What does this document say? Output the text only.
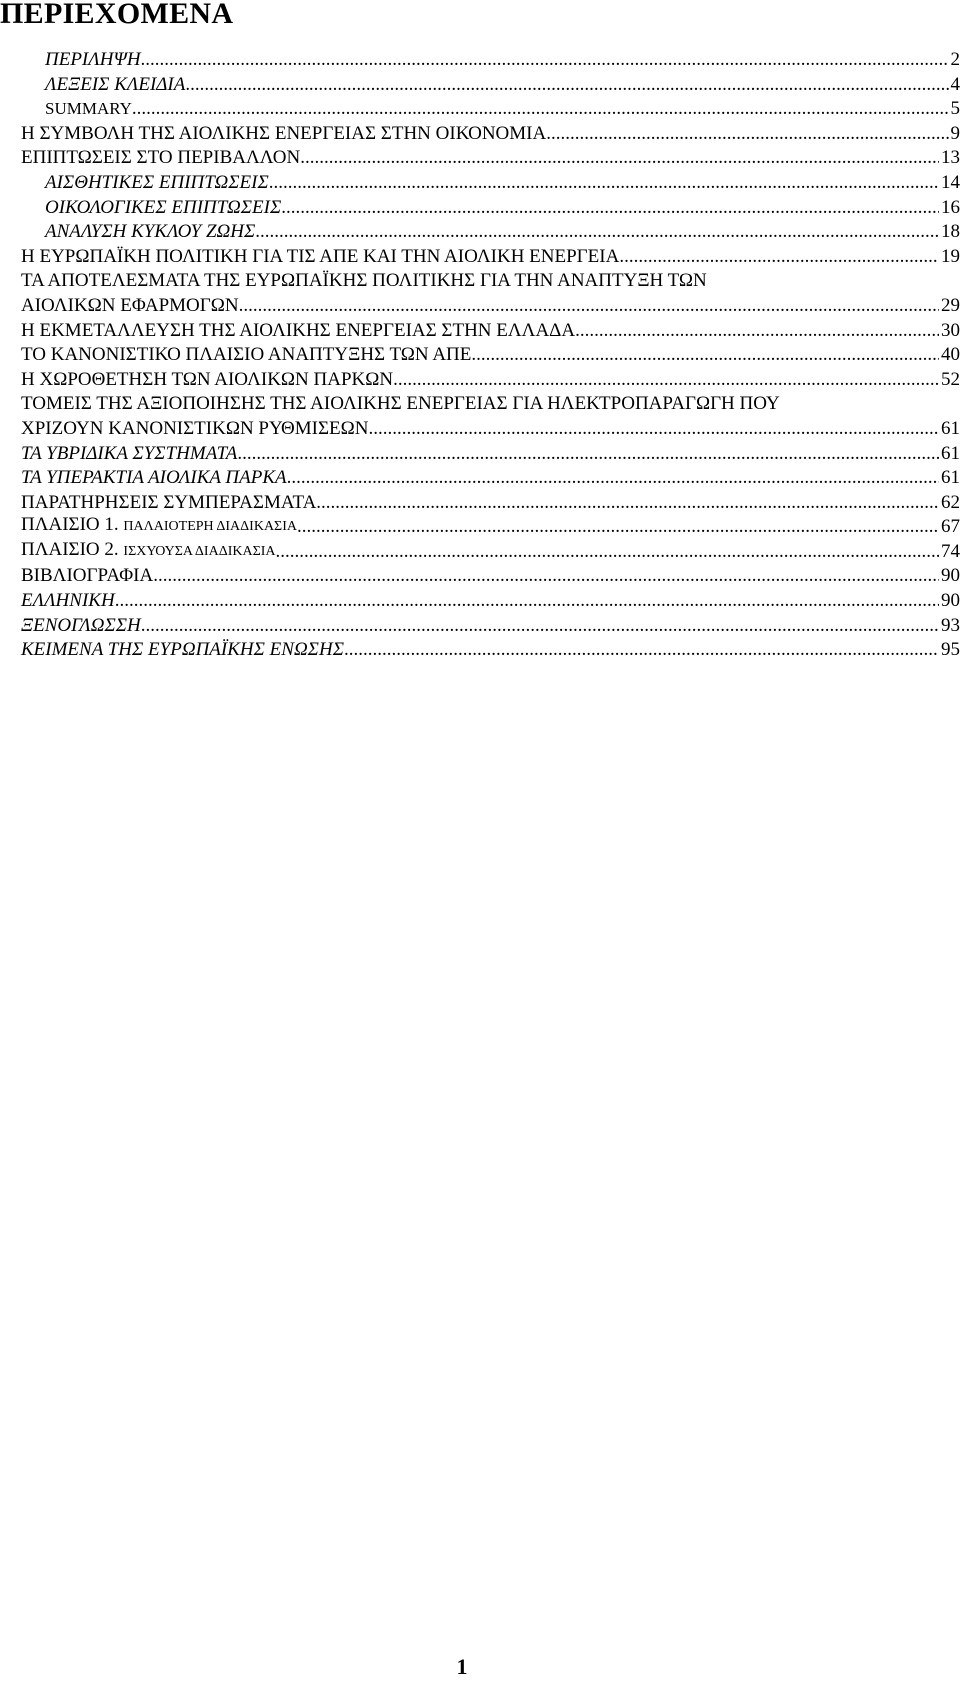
ΠΕΡΙΕΧΟΜΕΝΑ
ΠΕΡΙΛΗΨΗ .....	2
ΛΕΞΕΙΣ ΚΛΕΙΔΙΑ .....	4
SUMMARY .....	5
Η ΣΥΜΒΟΛΗ ΤΗΣ ΑΙΟΛΙΚΗΣ ΕΝΕΡΓΕΙΑΣ ΣΤΗΝ ΟΙΚΟΝΟΜΙΑ .....	9
ΕΠΙΠΤΩΣΕΙΣ ΣΤΟ ΠΕΡΙΒΑΛΛΟΝ .....	13
ΑΙΣΘΗΤΙΚΕΣ ΕΠΙΠΤΩΣΕΙΣ .....	14
ΟΙΚΟΛΟΓΙΚΕΣ ΕΠΙΠΤΩΣΕΙΣ .....	16
ΑΝΑΛΥΣΗ ΚΥΚΛΟΥ ΖΩΗΣ .....	18
Η ΕΥΡΩΠΑΪΚΗ ΠΟΛΙΤΙΚΗ ΓΙΑ ΤΙΣ ΑΠΕ ΚΑΙ ΤΗΝ ΑΙΟΛΙΚΗ ΕΝΕΡΓΕΙΑ .....	19
ΤΑ ΑΠΟΤΕΛΕΣΜΑΤΑ ΤΗΣ ΕΥΡΩΠΑΪΚΗΣ ΠΟΛΙΤΙΚΗΣ ΓΙΑ ΤΗΝ ΑΝΑΠΤΥΞΗ ΤΩΝ
ΑΙΟΛΙΚΩΝ ΕΦΑΡΜΟΓΩΝ .....	29
Η ΕΚΜΕΤΑΛΛΕΥΣΗ ΤΗΣ ΑΙΟΛΙΚΗΣ ΕΝΕΡΓΕΙΑΣ ΣΤΗΝ ΕΛΛΑΔΑ .....	30
ΤΟ ΚΑΝΟΝΙΣΤΙΚΟ ΠΛΑΙΣΙΟ ΑΝΑΠΤΥΞΗΣ ΤΩΝ ΑΠΕ .....	40
Η ΧΩΡΟΘΕΤΗΣΗ ΤΩΝ ΑΙΟΛΙΚΩΝ ΠΑΡΚΩΝ .....	52
ΤΟΜΕΙΣ ΤΗΣ ΑΞΙΟΠΟΙΗΣΗΣ ΤΗΣ ΑΙΟΛΙΚΗΣ ΕΝΕΡΓΕΙΑΣ ΓΙΑ ΗΛΕΚΤΡΟΠΑΡΑΓΩΓΗ ΠΟΥ
ΧΡΙΖΟΥΝ ΚΑΝΟΝΙΣΤΙΚΩΝ ΡΥΘΜΙΣΕΩΝ .....	61
ΤΑ ΥΒΡΙΔΙΚΑ ΣΥΣΤΗΜΑΤΑ .....	61
ΤΑ ΥΠΕΡΑΚΤΙΑ ΑΙΟΛΙΚΑ ΠΑΡΚΑ .....	61
ΠΑΡΑΤΗΡΗΣΕΙΣ ΣΥΜΠΕΡΑΣΜΑΤΑ .....	62
ΠΛΑΙΣΙΟ 1. ΠΑΛΑΙΟΤΕΡΗ ΔΙΑΔΙΚΑΣΙΑ .....	67
ΠΛΑΙΣΙΟ 2. ΙΣΧΥΟΥΣΑ ΔΙΑΔΙΚΑΣΙΑ .....	74
ΒΙΒΛΙΟΓΡΑΦΙΑ .....	90
ΕΛΛΗΝΙΚΗ .....	90
ΞΕΝΟΓΛΩΣΣΗ .....	93
ΚΕΙΜΕΝΑ ΤΗΣ ΕΥΡΩΠΑΪΚΗΣ ΕΝΩΣΗΣ .....	95
1
